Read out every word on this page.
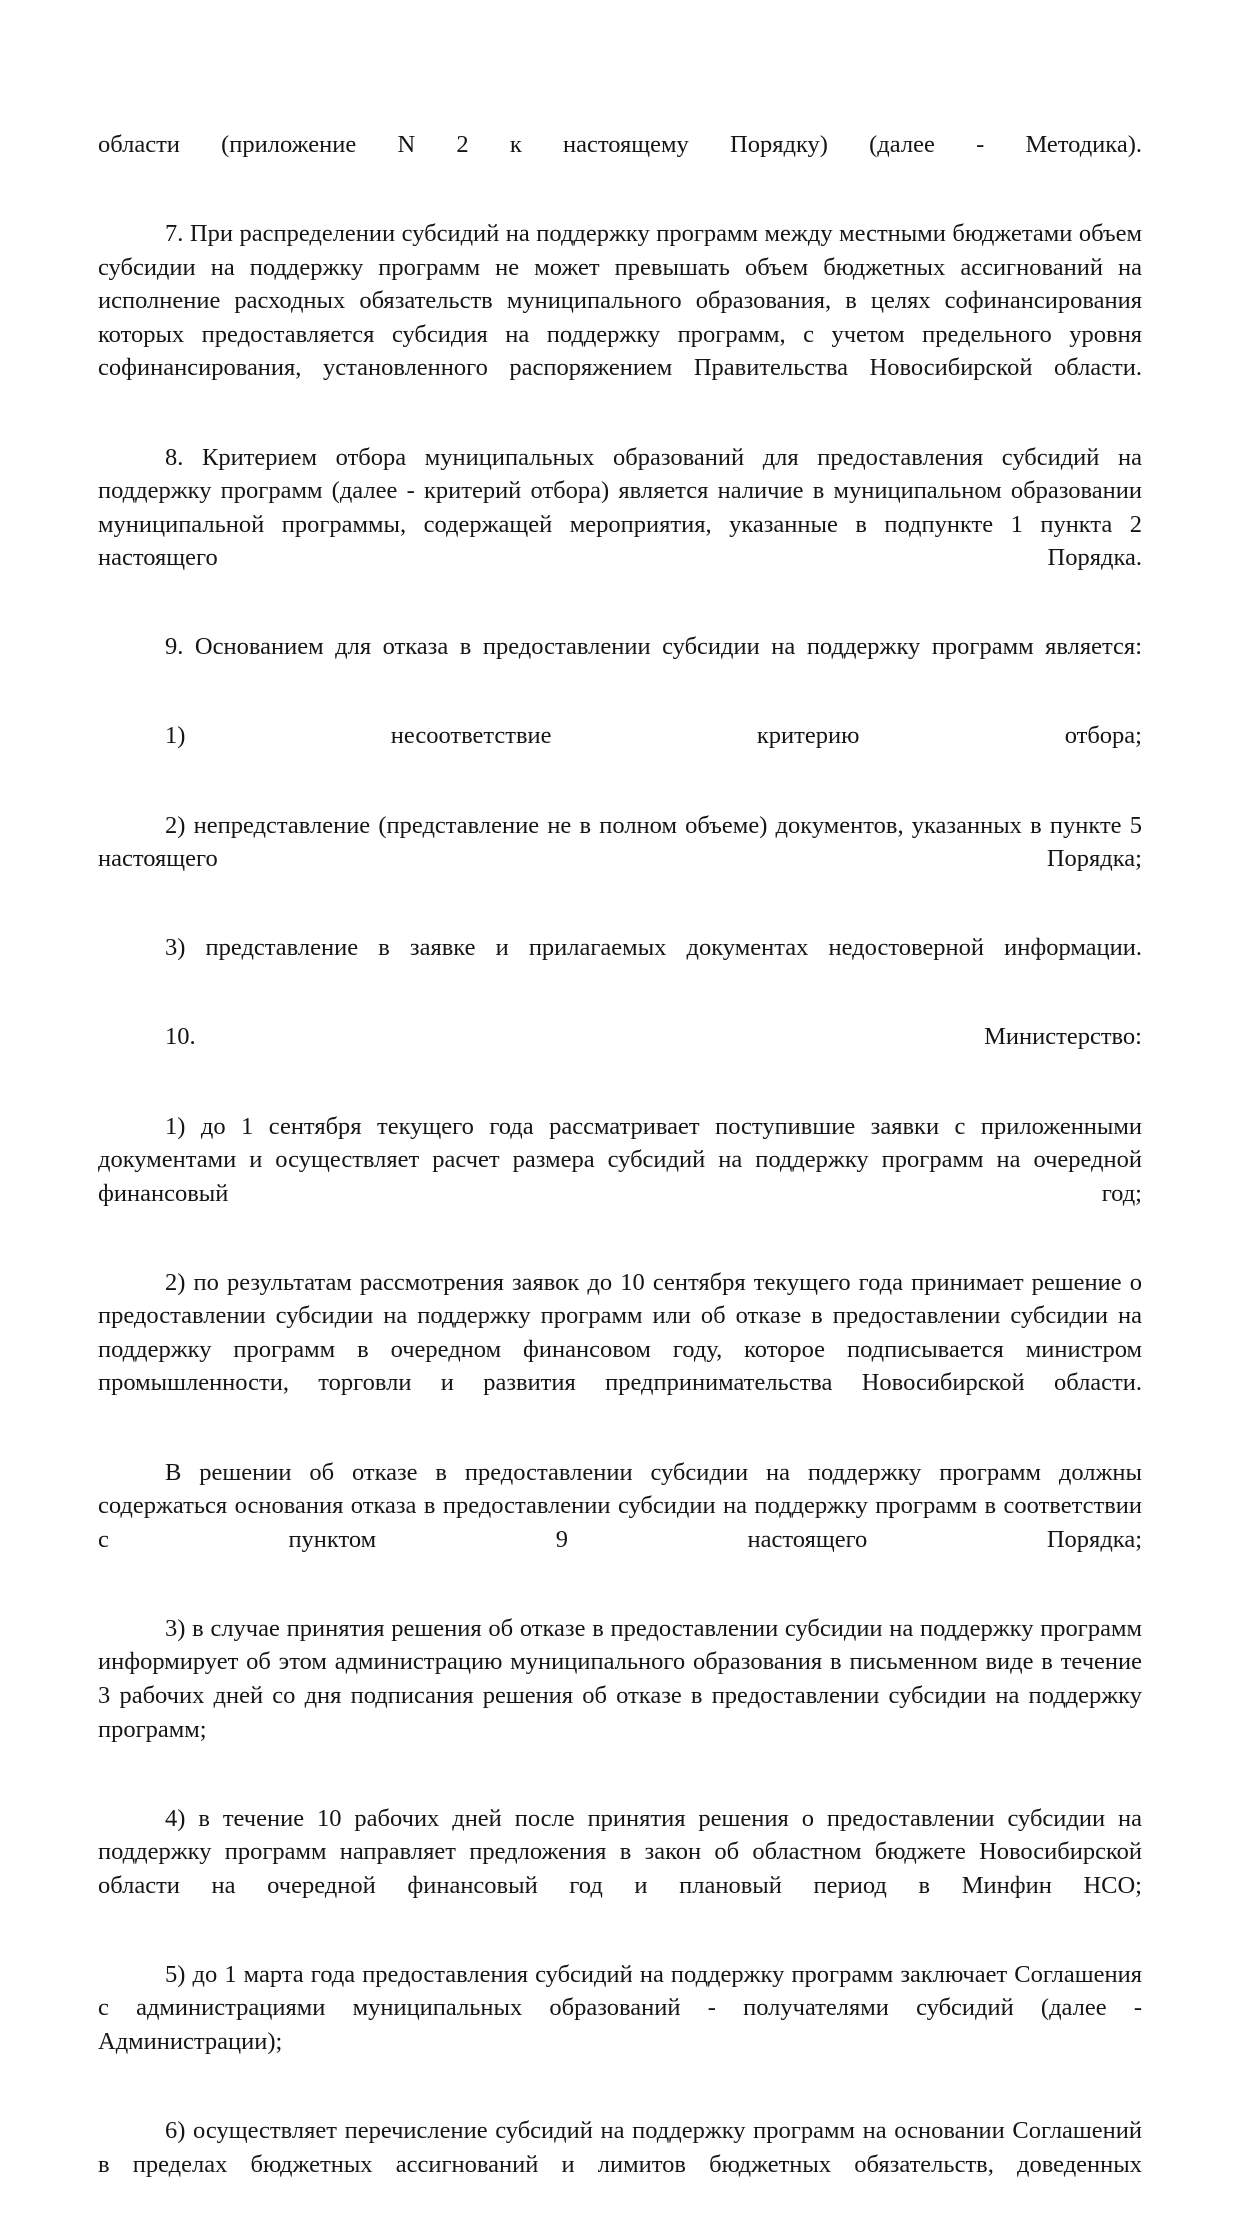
области (приложение N 2 к настоящему Порядку) (далее - Методика).

7. При распределении субсидий на поддержку программ между местными бюджетами объем субсидии на поддержку программ не может превышать объем бюджетных ассигнований на исполнение расходных обязательств муниципального образования, в целях софинансирования которых предоставляется субсидия на поддержку программ, с учетом предельного уровня софинансирования, установленного распоряжением Правительства Новосибирской области.

8. Критерием отбора муниципальных образований для предоставления субсидий на поддержку программ (далее - критерий отбора) является наличие в муниципальном образовании муниципальной программы, содержащей мероприятия, указанные в подпункте 1 пункта 2 настоящего Порядка.

9. Основанием для отказа в предоставлении субсидии на поддержку программ является:

1) несоответствие критерию отбора;

2) непредставление (представление не в полном объеме) документов, указанных в пункте 5 настоящего Порядка;

3) представление в заявке и прилагаемых документах недостоверной информации.

10. Министерство:

1) до 1 сентября текущего года рассматривает поступившие заявки с приложенными документами и осуществляет расчет размера субсидий на поддержку программ на очередной финансовый год;

2) по результатам рассмотрения заявок до 10 сентября текущего года принимает решение о предоставлении субсидии на поддержку программ или об отказе в предоставлении субсидии на поддержку программ в очередном финансовом году, которое подписывается министром промышленности, торговли и развития предпринимательства Новосибирской области.

В решении об отказе в предоставлении субсидии на поддержку программ должны содержаться основания отказа в предоставлении субсидии на поддержку программ в соответствии с пунктом 9 настоящего Порядка;

3) в случае принятия решения об отказе в предоставлении субсидии на поддержку программ информирует об этом администрацию муниципального образования в письменном виде в течение 3 рабочих дней со дня подписания решения об отказе в предоставлении субсидии на поддержку программ;

4) в течение 10 рабочих дней после принятия решения о предоставлении субсидии на поддержку программ направляет предложения в закон об областном бюджете Новосибирской области на очередной финансовый год и плановый период в Минфин НСО;

5) до 1 марта года предоставления субсидий на поддержку программ заключает Соглашения с администрациями муниципальных образований - получателями субсидий (далее - Администрации);

6) осуществляет перечисление субсидий на поддержку программ на основании Соглашений в пределах бюджетных ассигнований и лимитов бюджетных обязательств, доведенных
